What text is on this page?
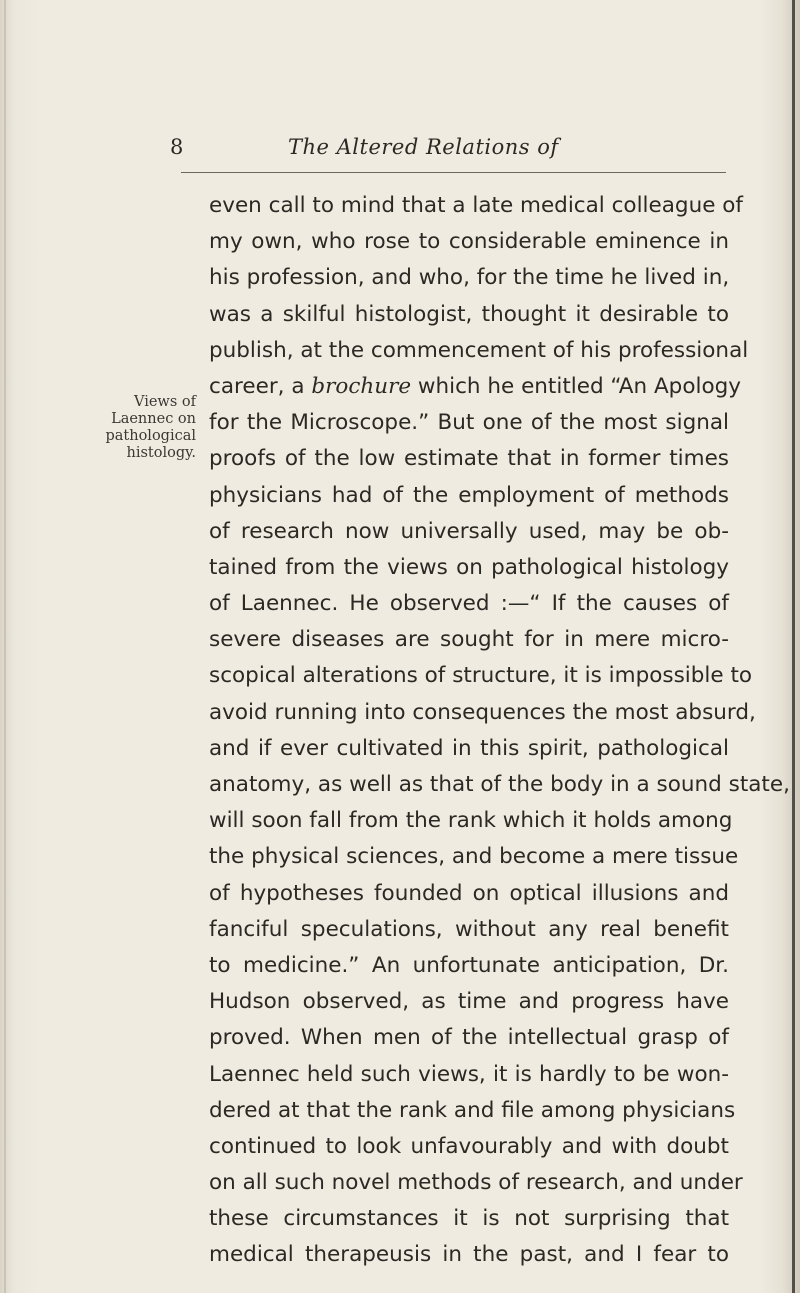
8	The Altered Relations of
Views of
Laennec on
pathological
histology.
even call to mind that a late medical colleague of
my own, who rose to considerable eminence in
his profession, and who, for the time he lived in,
was a skilful histologist, thought it desirable to
publish, at the commencement of his professional
career, a brochure which he entitled “An Apology
for the Microscope.” But one of the most signal
proofs of the low estimate that in former times
physicians had of the employment of methods
of research now universally used, may be ob-
tained from the views on pathological histology
of Laennec. He observed :—“ If the causes of
severe diseases are sought for in mere micro-
scopical alterations of structure, it is impossible to
avoid running into consequences the most absurd,
and if ever cultivated in this spirit, pathological
anatomy, as well as that of the body in a sound state,
will soon fall from the rank which it holds among
the physical sciences, and become a mere tissue
of hypotheses founded on optical illusions and
fanciful speculations, without any real benefit
to medicine.” An unfortunate anticipation, Dr.
Hudson observed, as time and progress have
proved. When men of the intellectual grasp of
Laennec held such views, it is hardly to be won-
dered at that the rank and file among physicians
continued to look unfavourably and with doubt
on all such novel methods of research, and under
these circumstances it is not surprising that
medical therapeusis in the past, and I fear to
